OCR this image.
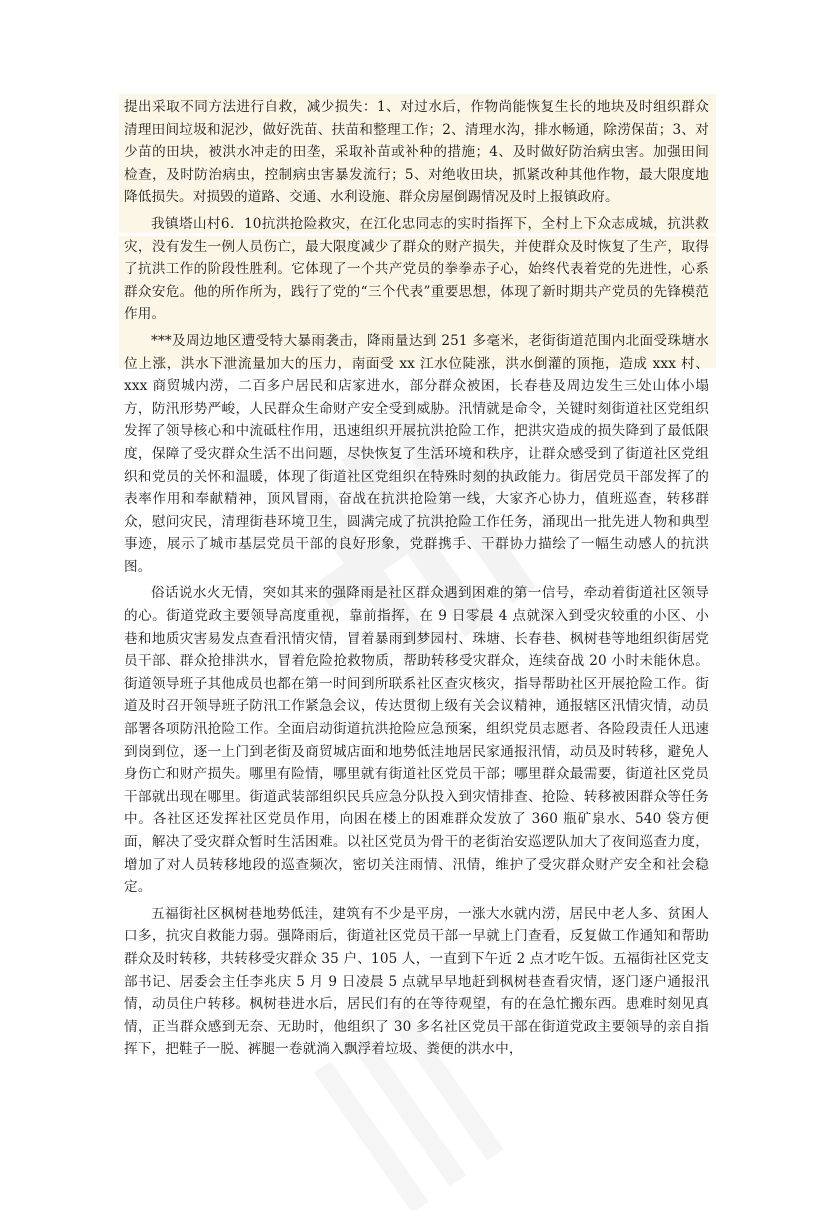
提出采取不同方法进行自救，减少损失：1、对过水后，作物尚能恢复生长的地块及时组织群众清理田间垃圾和泥沙，做好洗苗、扶苗和整理工作；2、清理水沟，排水畅通，除涝保苗；3、对少苗的田块，被洪水冲走的田垄，采取补苗或补种的措施；4、及时做好防治病虫害。加强田间检查，及时防治病虫，控制病虫害暴发流行；5、对绝收田块，抓紧改种其他作物，最大限度地降低损失。对损毁的道路、交通、水利设施、群众房屋倒踢情况及时上报镇政府。

我镇塔山村6．10抗洪抢险救灾，在江化忠同志的实时指挥下，全村上下众志成城，抗洪救灾，没有发生一例人员伤亡，最大限度减少了群众的财产损失，并使群众及时恢复了生产，取得了抗洪工作的阶段性胜利。它体现了一个共产党员的拳拳赤子心，始终代表着党的先进性，心系群众安危。他的所作所为，践行了党的“三个代表”重要思想，体现了新时期共产党员的先锋模范作用。

***及周边地区遭受特大暴雨袭击，降雨量达到 251 多毫米，老街街道范围内北面受珠塘水位上涨，洪水下泄流量加大的压力，南面受 xx 江水位陡涨，洪水倒灌的顶拖，造成 xxx 村、xxx 商贸城内涝，二百多户居民和店家进水，部分群众被困，长春巷及周边发生三处山体小塌方，防汛形势严峻，人民群众生命财产安全受到威胁。汛情就是命令，关键时刻街道社区党组织发挥了领导核心和中流砥柱作用，迅速组织开展抗洪抢险工作，把洪灾造成的损失降到了最低限度，保障了受灾群众生活不出问题，尽快恢复了生活环境和秩序，让群众感受到了街道社区党组织和党员的关怀和温暖，体现了街道社区党组织在特殊时刻的执政能力。街居党员干部发挥了的表率作用和奉献精神，顶风冒雨，奋战在抗洪抢险第一线，大家齐心协力，值班巡查，转移群众，慰问灾民，清理街巷环境卫生，圆满完成了抗洪抢险工作任务，涌现出一批先进人物和典型事迹，展示了城市基层党员干部的良好形象，党群携手、干群协力描绘了一幅生动感人的抗洪图。

俗话说水火无情，突如其来的强降雨是社区群众遇到困难的第一信号，牵动着街道社区领导的心。街道党政主要领导高度重视，靠前指挥，在 9 日零晨 4 点就深入到受灾较重的小区、小巷和地质灾害易发点查看汛情灾情，冒着暴雨到梦园村、珠塘、长春巷、枫树巷等地组织街居党员干部、群众抢排洪水，冒着危险抢救物质，帮助转移受灾群众，连续奋战 20 小时未能休息。街道领导班子其他成员也都在第一时间到所联系社区查灾核灾，指导帮助社区开展抢险工作。街道及时召开领导班子防汛工作紧急会议，传达贯彻上级有关会议精神，通报辖区汛情灾情，动员部署各项防汛抢险工作。全面启动街道抗洪抢险应急预案，组织党员志愿者、各险段责任人迅速到岗到位，逐一上门到老街及商贸城店面和地势低洼地居民家通报汛情，动员及时转移，避免人身伤亡和财产损失。哪里有险情，哪里就有街道社区党员干部；哪里群众最需要，街道社区党员干部就出现在哪里。街道武装部组织民兵应急分队投入到灾情排查、抢险、转移被困群众等任务中。各社区还发挥社区党员作用，向困在楼上的困难群众发放了 360 瓶矿泉水、540 袋方便面，解决了受灾群众暂时生活困难。以社区党员为骨干的老街治安巡逻队加大了夜间巡查力度，增加了对人员转移地段的巡查频次，密切关注雨情、汛情，维护了受灾群众财产安全和社会稳定。

五福街社区枫树巷地势低洼，建筑有不少是平房，一涨大水就内涝，居民中老人多、贫困人口多，抗灾自救能力弱。强降雨后，街道社区党员干部一早就上门查看，反复做工作通知和帮助群众及时转移，共转移受灾群众 35 户、105 人，一直到下午近 2 点才吃午饭。五福街社区党支部书记、居委会主任李兆庆 5 月 9 日凌晨 5 点就早早地赶到枫树巷查看灾情，逐门逐户通报汛情，动员住户转移。枫树巷进水后，居民们有的在等待观望，有的在急忙搬东西。患难时刻见真情，正当群众感到无奈、无助时，他组织了 30 多名社区党员干部在街道党政主要领导的亲自指挥下，把鞋子一脱、裤腿一卷就淌入飘浮着垃圾、粪便的洪水中，
